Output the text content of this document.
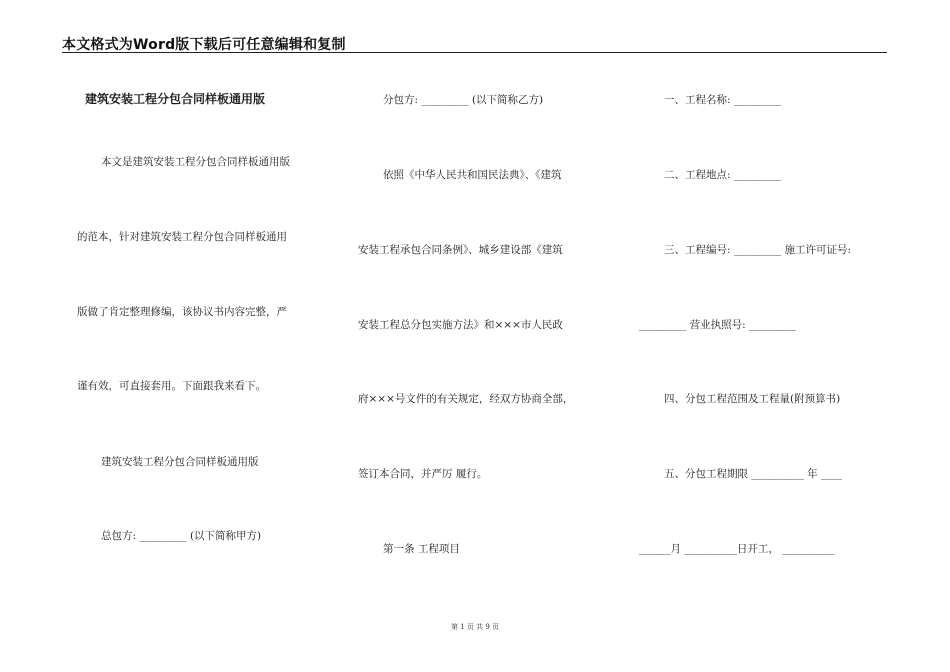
本文格式为Word版下载后可任意编辑和复制
建筑安装工程分包合同样板通用版
本文是建筑安装工程分包合同样板通用版
的范本，针对建筑安装工程分包合同样板通用
版做了肯定整理修编，该协议书内容完整，严
谨有效，可直接套用。下面跟我来看下。
建筑安装工程分包合同样板通用版
总包方: _________ (以下简称甲方)
分包方: _________ (以下简称乙方)
依照《中华人民共和国民法典》、《建筑
安装工程承包合同条例》、城乡建设部《建筑
安装工程总分包实施方法》和×××市人民政
府×××号文件的有关规定，经双方协商全部，
签订本合同，并严厉 履行。
第一条 工程项目
一、工程名称: _________
二、工程地点: _________
三、工程编号: _________ 施工许可证号:
_________ 营业执照号: _________
四、分包工程范围及工程量(附预算书)
五、分包工程期限 __________ 年 ____
______月 __________日开工， __________
第 1 页 共 9 页
